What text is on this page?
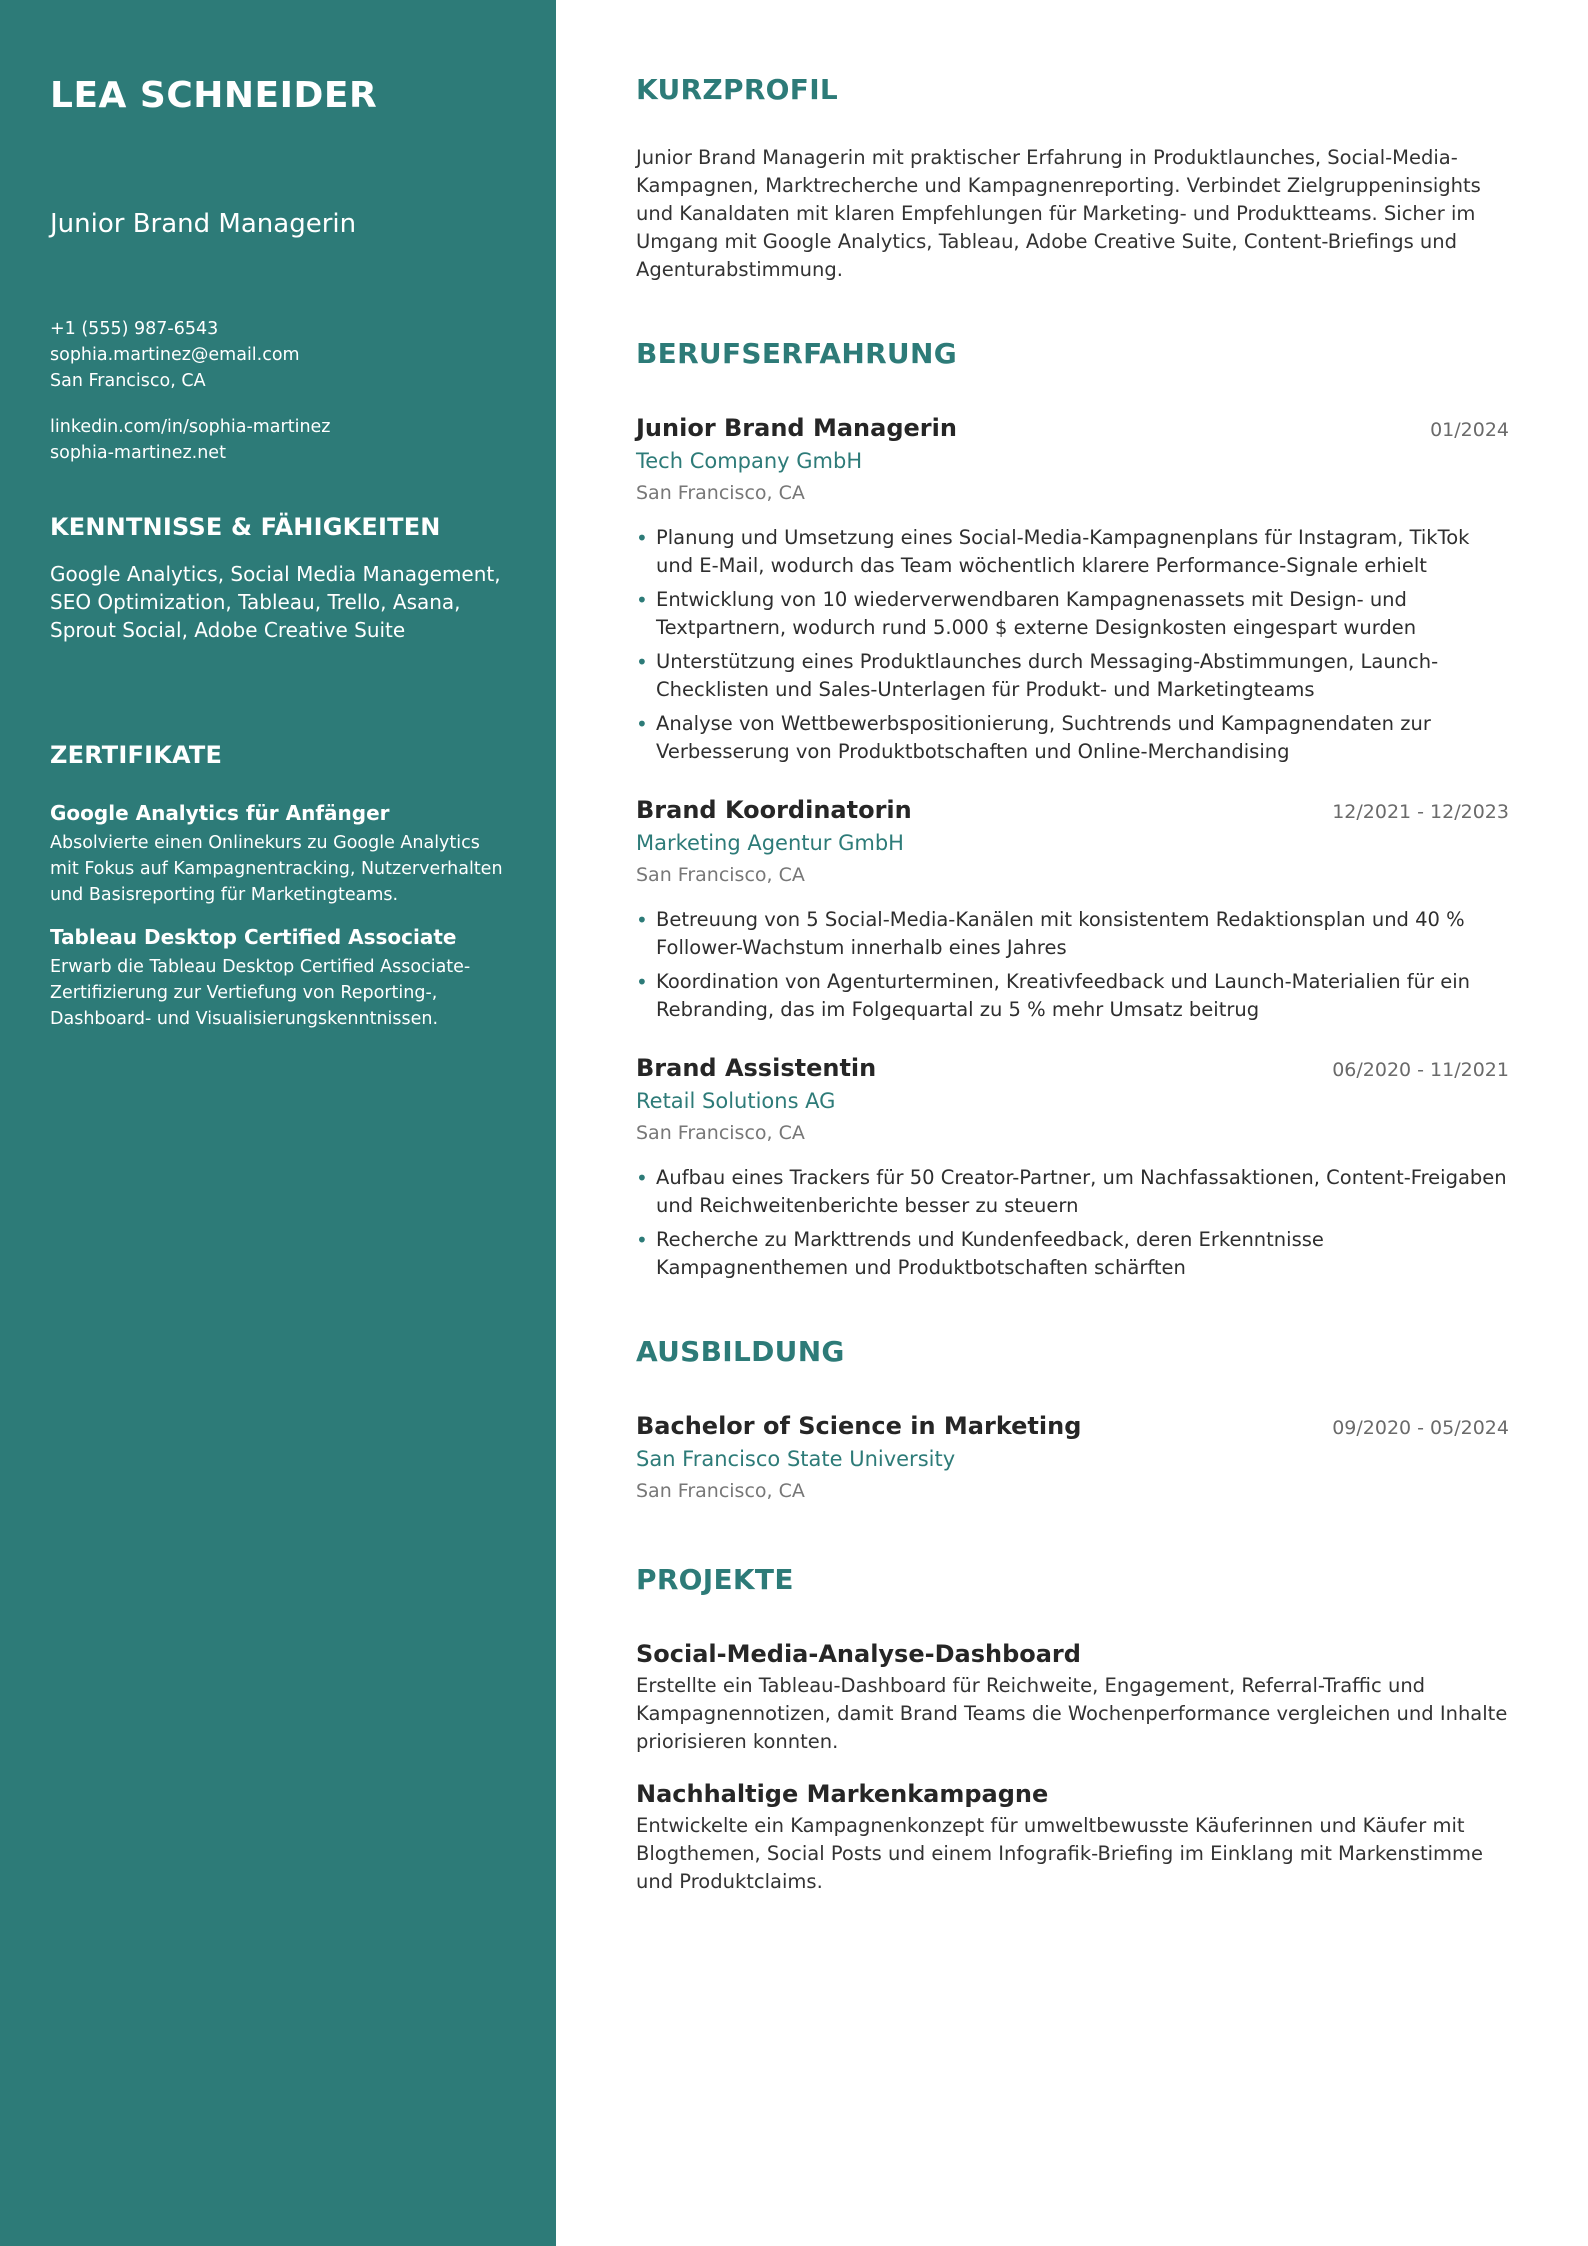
LEA SCHNEIDER
Junior Brand Managerin
+1 (555) 987-6543
sophia.martinez@email.com
San Francisco, CA
linkedin.com/in/sophia-martinez
sophia-martinez.net
KENNTNISSE & FÄHIGKEITEN

Google Analytics, Social Media Management, SEO Optimization, Tableau, Trello, Asana, Sprout Social, Adobe Creative Suite

ZERTIFIKATE
Google Analytics für Anfänger
Absolvierte einen Onlinekurs zu Google Analytics mit Fokus auf Kampagnentracking, Nutzerverhalten und Basisreporting für Marketingteams.
Tableau Desktop Certified Associate
Erwarb die Tableau Desktop Certified Associate-Zertifizierung zur Vertiefung von Reporting-, Dashboard- und Visualisierungskenntnissen.
KURZPROFIL

Junior Brand Managerin mit praktischer Erfahrung in Produktlaunches, Social-Media-Kampagnen, Marktrecherche und Kampagnenreporting. Verbindet Zielgruppeninsights und Kanaldaten mit klaren Empfehlungen für Marketing- und Produktteams. Sicher im Umgang mit Google Analytics, Tableau, Adobe Creative Suite, Content-Briefings und Agenturabstimmung.

BERUFSERFAHRUNG
Junior Brand Managerin	01/2024
Tech Company GmbH
San Francisco, CA
• Planung und Umsetzung eines Social-Media-Kampagnenplans für Instagram, TikTok und E-Mail, wodurch das Team wöchentlich klarere Performance-Signale erhielt
• Entwicklung von 10 wiederverwendbaren Kampagnenassets mit Design- und Textpartnern, wodurch rund 5.000 $ externe Designkosten eingespart wurden
• Unterstützung eines Produktlaunches durch Messaging-Abstimmungen, Launch-Checklisten und Sales-Unterlagen für Produkt- und Marketingteams
• Analyse von Wettbewerbspositionierung, Suchtrends und Kampagnendaten zur Verbesserung von Produktbotschaften und Online-Merchandising
Brand Koordinatorin	12/2021 - 12/2023
Marketing Agentur GmbH
San Francisco, CA
• Betreuung von 5 Social-Media-Kanälen mit konsistentem Redaktionsplan und 40 % Follower-Wachstum innerhalb eines Jahres
• Koordination von Agenturterminen, Kreativfeedback und Launch-Materialien für ein Rebranding, das im Folgequartal zu 5 % mehr Umsatz beitrug
Brand Assistentin	06/2020 - 11/2021
Retail Solutions AG
San Francisco, CA
• Aufbau eines Trackers für 50 Creator-Partner, um Nachfassaktionen, Content-Freigaben und Reichweitenberichte besser zu steuern
• Recherche zu Markttrends und Kundenfeedback, deren Erkenntnisse Kampagnenthemen und Produktbotschaften schärften
AUSBILDUNG
Bachelor of Science in Marketing	09/2020 - 05/2024
San Francisco State University
San Francisco, CA
PROJEKTE
Social-Media-Analyse-Dashboard

Erstellte ein Tableau-Dashboard für Reichweite, Engagement, Referral-Traffic und Kampagnennotizen, damit Brand Teams die Wochenperformance vergleichen und Inhalte priorisieren konnten.

Nachhaltige Markenkampagne

Entwickelte ein Kampagnenkonzept für umweltbewusste Käuferinnen und Käufer mit Blogthemen, Social Posts und einem Infografik-Briefing im Einklang mit Markenstimme und Produktclaims.
